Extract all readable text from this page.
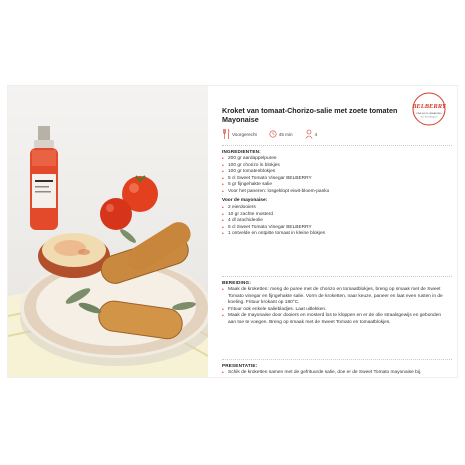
Kroket van tomaat-Chorizo-salie met zoete tomaten Mayonaise
BELBERRY
FINE FOOD CREATIONS
Est. Hand Belgium
Voorgerecht	45 min	4
INGREDIENTEN:
• 200 gr aardappelpuree
• 100 gr chorizo in blokjes
• 100 gr tomatenblokjes
• 5 cl Sweet Tomato Vinegar BELBERRY
• 5 gr fijngehakte salie
• Voor het paneren: losgeklopt eiwit-bloem-panko
Voor de mayonaise:
• 2 eierdooiers
• 10 gr zachte mosterd
• 4 dl arachideolie
• 5 cl Sweet Tomato Vinegar BELBERRY
• 1 ontvelde en ontpitte tomaat in kleine blokjes
BEREIDING:
• Maak de kroketten: meng de puree met de chorizo en tomaatblokjes, breng op smaak met de Sweet Tomato vinegar en fijngehakte salie. Vorm de kroketten, naar keuze, paneer en laat even rusten in de koeling. Frituur krokant op 180°C.
• Frituur ook enkele saliebladjes. Laat uitlekken.
• Maak de mayonaise door dooiers en mosterd los te kloppen en er de olie straalsgewijs en gebonden aan toe te voegen. Breng op smaak met de Sweet Tomato en tomaatblokjes.
PRESENTATIE:
• Schik de kroketten samen met de gefrituurde salie, doe er de Sweet Tomato mayonaise bij.
